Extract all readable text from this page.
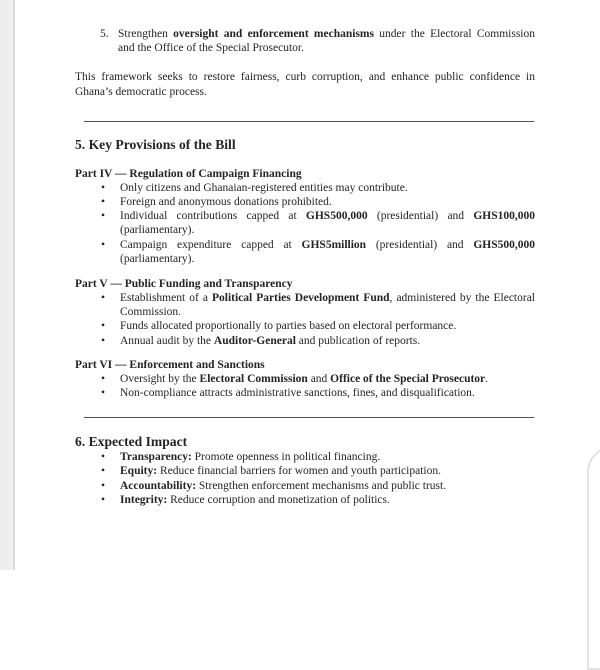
5. Strengthen oversight and enforcement mechanisms under the Electoral Commission and the Office of the Special Prosecutor.
This framework seeks to restore fairness, curb corruption, and enhance public confidence in Ghana’s democratic process.
5. Key Provisions of the Bill
Part IV — Regulation of Campaign Financing
• Only citizens and Ghanaian-registered entities may contribute.
• Foreign and anonymous donations prohibited.
• Individual contributions capped at GHS500,000 (presidential) and GHS100,000 (parliamentary).
• Campaign expenditure capped at GHS5million (presidential) and GHS500,000 (parliamentary).
Part V — Public Funding and Transparency
• Establishment of a Political Parties Development Fund, administered by the Electoral Commission.
• Funds allocated proportionally to parties based on electoral performance.
• Annual audit by the Auditor-General and publication of reports.
Part VI — Enforcement and Sanctions
• Oversight by the Electoral Commission and Office of the Special Prosecutor.
• Non-compliance attracts administrative sanctions, fines, and disqualification.
6. Expected Impact
• Transparency: Promote openness in political financing.
• Equity: Reduce financial barriers for women and youth participation.
• Accountability: Strengthen enforcement mechanisms and public trust.
• Integrity: Reduce corruption and monetization of politics.
